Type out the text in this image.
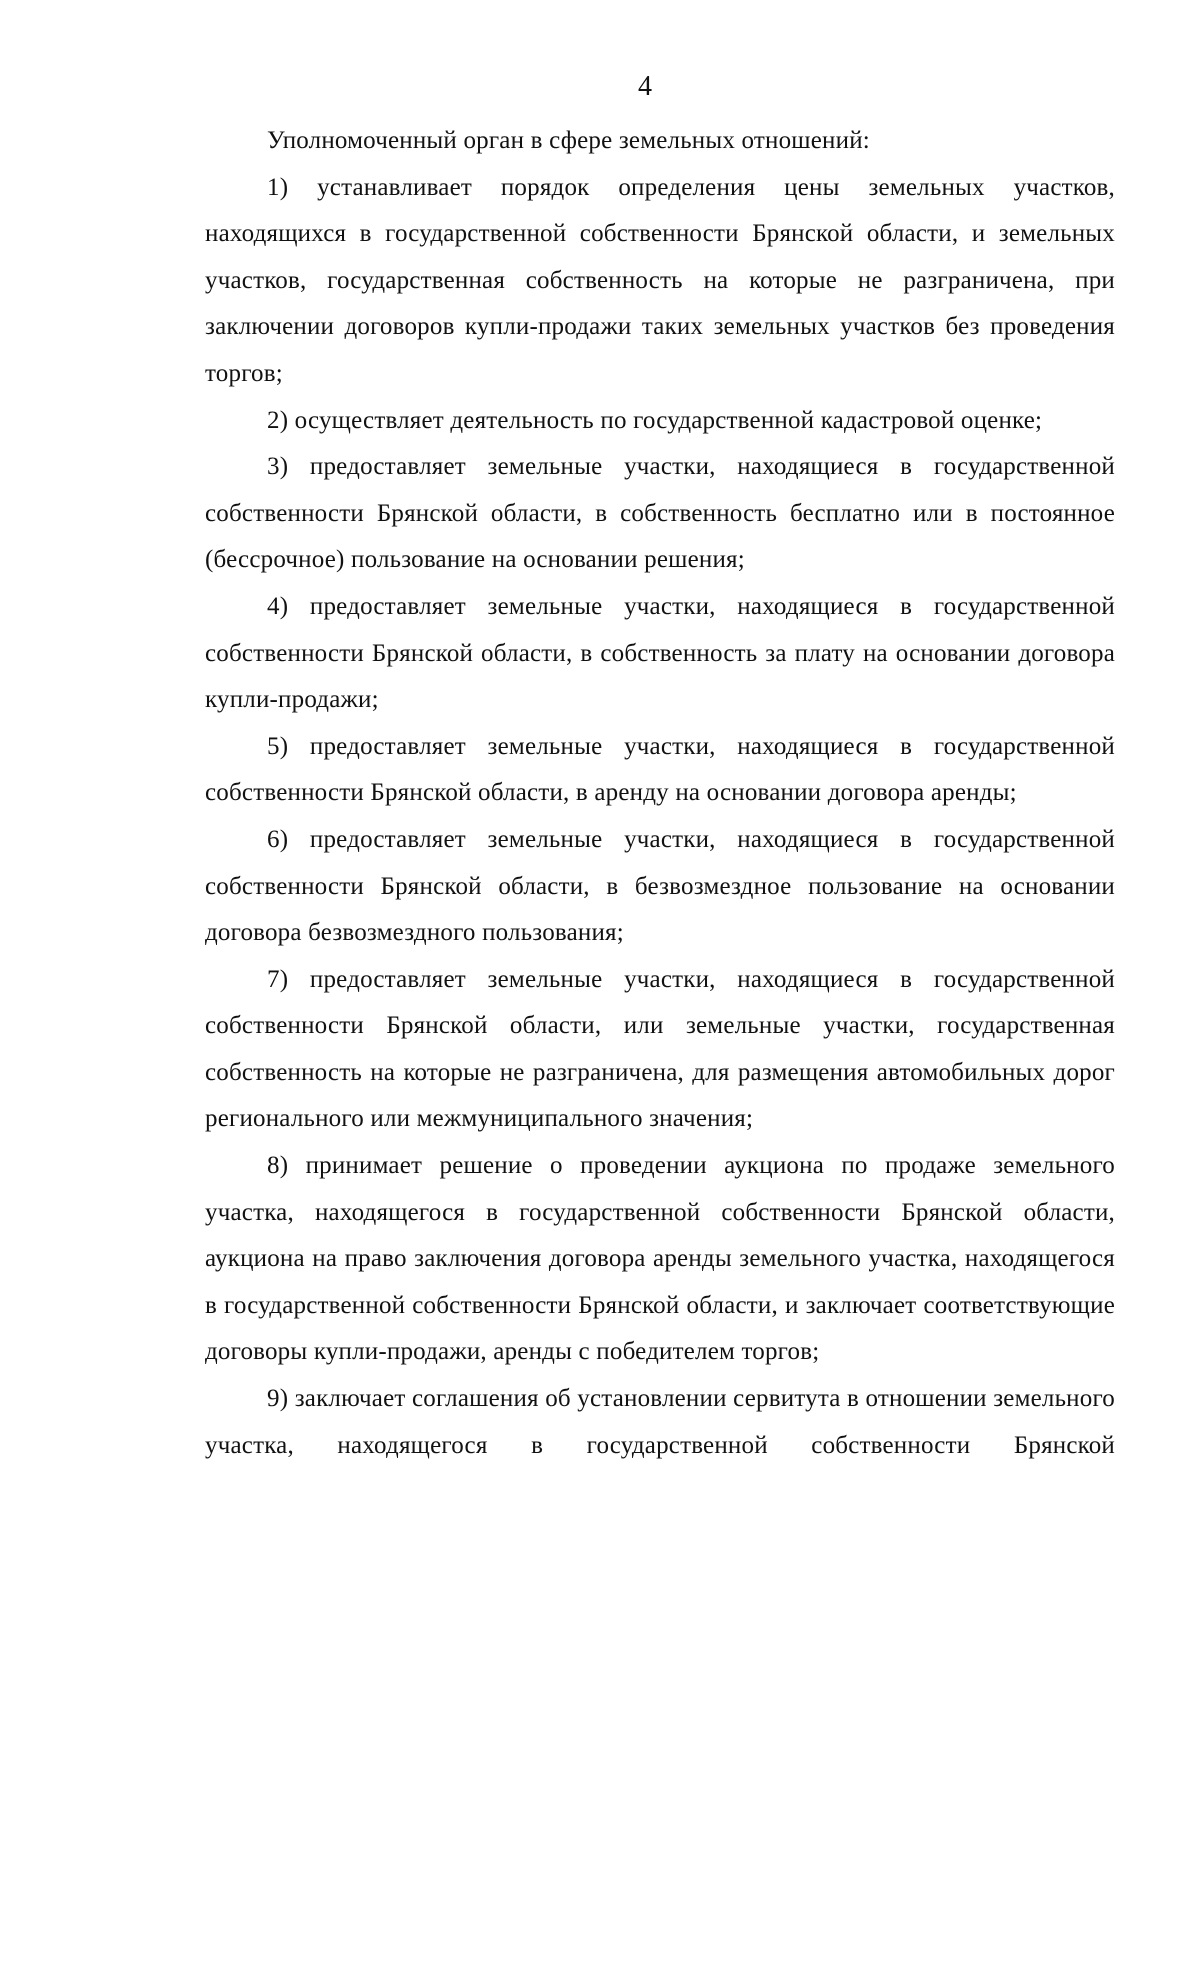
4

Уполномоченный орган в сфере земельных отношений:

1) устанавливает порядок определения цены земельных участков, находящихся в государственной собственности Брянской области, и земельных участков, государственная собственность на которые не разграничена, при заключении договоров купли-продажи таких земельных участков без проведения торгов;

2) осуществляет деятельность по государственной кадастровой оценке;

3) предоставляет земельные участки, находящиеся в государственной собственности Брянской области, в собственность бесплатно или в постоянное (бессрочное) пользование на основании решения;

4) предоставляет земельные участки, находящиеся в государственной собственности Брянской области, в собственность за плату на основании договора купли-продажи;

5) предоставляет земельные участки, находящиеся в государственной собственности Брянской области, в аренду на основании договора аренды;

6) предоставляет земельные участки, находящиеся в государственной собственности Брянской области, в безвозмездное пользование на основании договора безвозмездного пользования;

7) предоставляет земельные участки, находящиеся в государственной собственности Брянской области, или земельные участки, государственная собственность на которые не разграничена, для размещения автомобильных дорог регионального или межмуниципального значения;

8) принимает решение о проведении аукциона по продаже земельного участка, находящегося в государственной собственности Брянской области, аукциона на право заключения договора аренды земельного участка, находящегося в государственной собственности Брянской области, и заключает соответствующие договоры купли-продажи, аренды с победителем торгов;

9) заключает соглашения об установлении сервитута в отношении земельного участка, находящегося в государственной собственности Брянской
